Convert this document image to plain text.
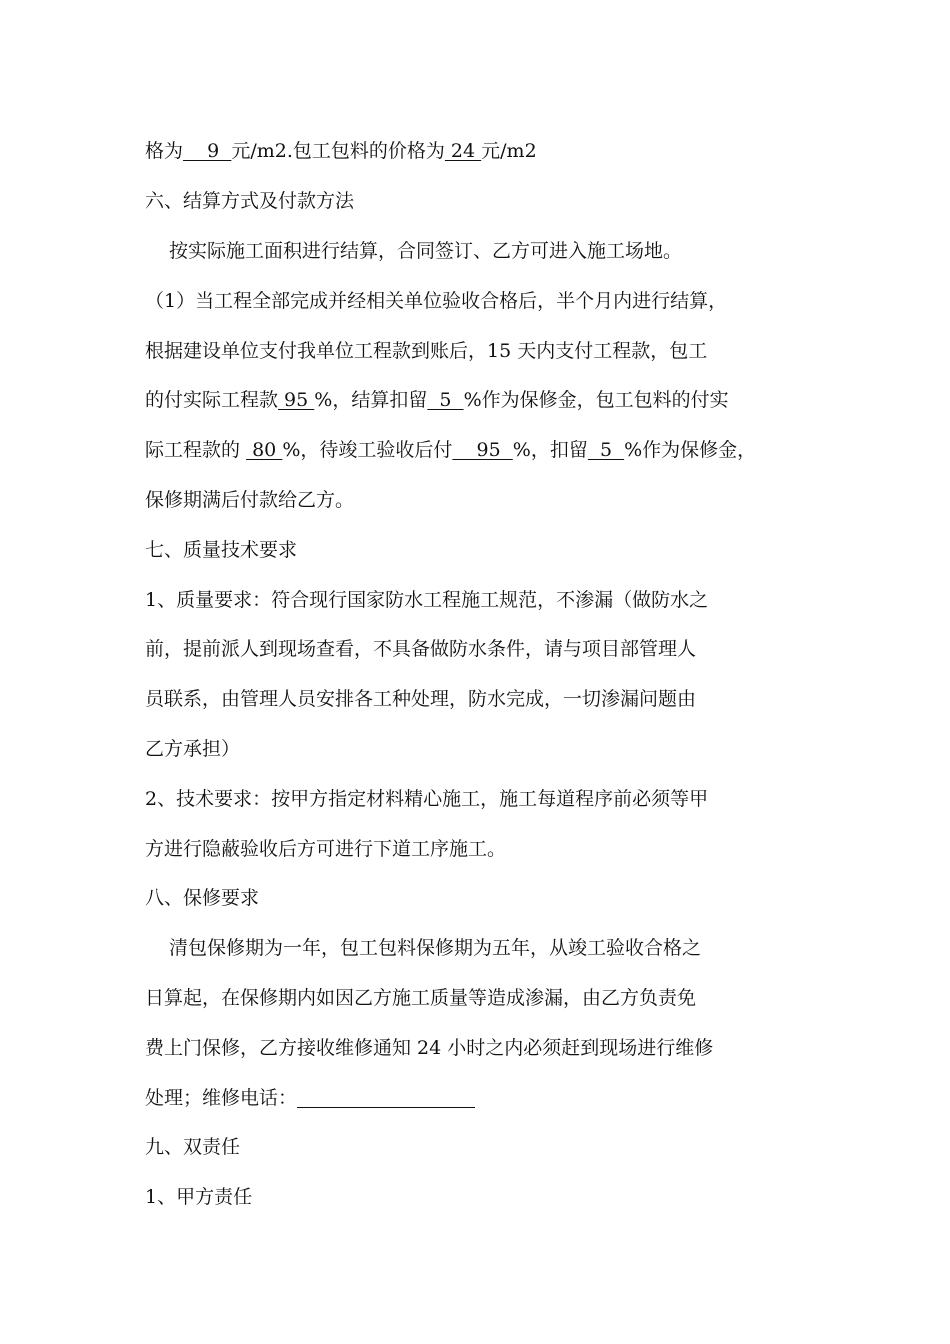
格为    9  元/m2.包工包料的价格为 24 元/m2
六、结算方式及付款方法
按实际施工面积进行结算，合同签订、乙方可进入施工场地。
（1）当工程全部完成并经相关单位验收合格后，半个月内进行结算，
根据建设单位支付我单位工程款到账后，15 天内支付工程款，包工
的付实际工程款 95 %，结算扣留  5  %作为保修金，包工包料的付实
际工程款的  80 %，待竣工验收后付    95  %，扣留  5  %作为保修金，
保修期满后付款给乙方。
七、质量技术要求
1、质量要求：符合现行国家防水工程施工规范，不渗漏（做防水之
前，提前派人到现场查看，不具备做防水条件，请与项目部管理人
员联系，由管理人员安排各工种处理，防水完成，一切渗漏问题由
乙方承担）
2、技术要求：按甲方指定材料精心施工，施工每道程序前必须等甲
方进行隐蔽验收后方可进行下道工序施工。
八、保修要求
清包保修期为一年，包工包料保修期为五年，从竣工验收合格之
日算起，在保修期内如因乙方施工质量等造成渗漏，由乙方负责免
费上门保修，乙方接收维修通知 24 小时之内必须赶到现场进行维修
处理；维修电话：
九、双责任
1、甲方责任
